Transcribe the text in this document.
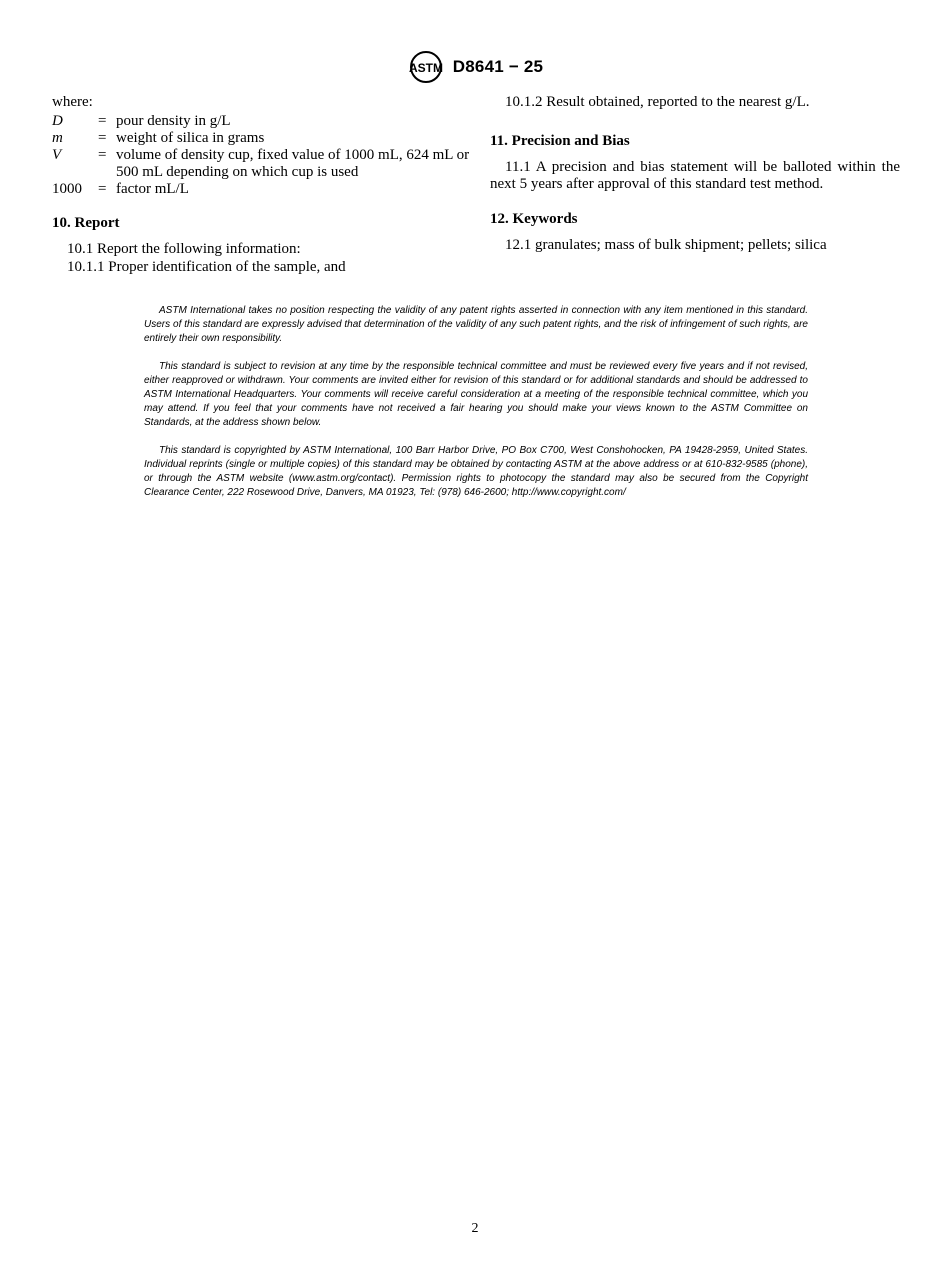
ASTM D8641 − 25

where:

D	= pour density in g/L
m	= weight of silica in grams
V	= volume of density cup, fixed value of 1000 mL, 624 mL or 500 mL depending on which cup is used
1000	= factor mL/L

10. Report

10.1 Report the following information:

10.1.1 Proper identification of the sample, and

10.1.2 Result obtained, reported to the nearest g/L.

11. Precision and Bias

11.1 A precision and bias statement will be balloted within the next 5 years after approval of this standard test method.

12. Keywords

12.1 granulates; mass of bulk shipment; pellets; silica

ASTM International takes no position respecting the validity of any patent rights asserted in connection with any item mentioned in this standard. Users of this standard are expressly advised that determination of the validity of any such patent rights, and the risk of infringement of such rights, are entirely their own responsibility.

This standard is subject to revision at any time by the responsible technical committee and must be reviewed every five years and if not revised, either reapproved or withdrawn. Your comments are invited either for revision of this standard or for additional standards and should be addressed to ASTM International Headquarters. Your comments will receive careful consideration at a meeting of the responsible technical committee, which you may attend. If you feel that your comments have not received a fair hearing you should make your views known to the ASTM Committee on Standards, at the address shown below.

This standard is copyrighted by ASTM International, 100 Barr Harbor Drive, PO Box C700, West Conshohocken, PA 19428-2959, United States. Individual reprints (single or multiple copies) of this standard may be obtained by contacting ASTM at the above address or at 610-832-9585 (phone), or through the ASTM website (www.astm.org/contact). Permission rights to photocopy the standard may also be secured from the Copyright Clearance Center, 222 Rosewood Drive, Danvers, MA 01923, Tel: (978) 646-2600; http://www.copyright.com/

2
